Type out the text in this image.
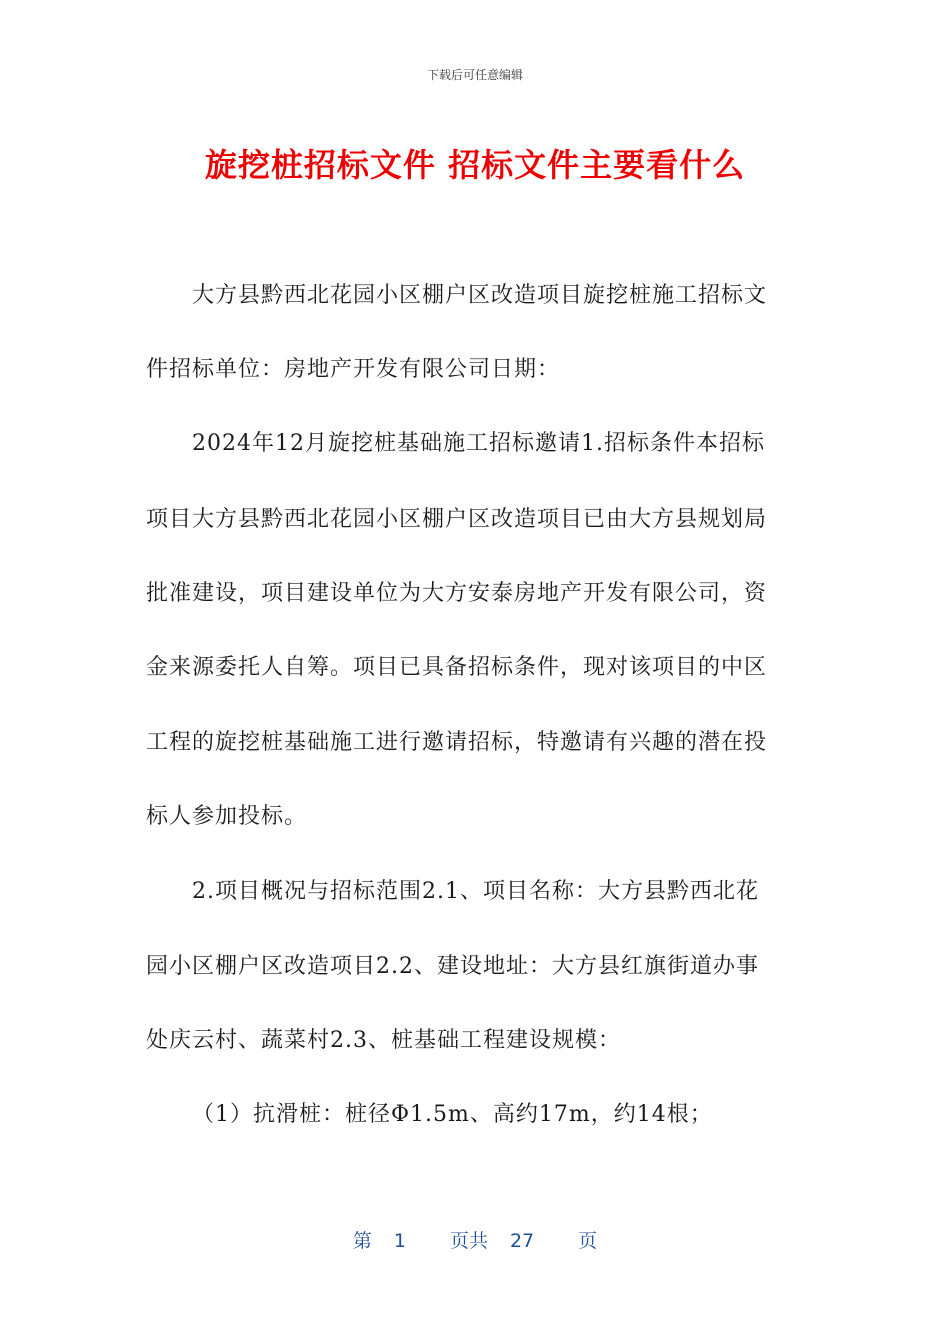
下载后可任意编辑
旋挖桩招标文件 招标文件主要看什么
大方县黔西北花园小区棚户区改造项目旋挖桩施工招标文
件招标单位：房地产开发有限公司日期：
2024年12月旋挖桩基础施工招标邀请1.招标条件本招标
项目大方县黔西北花园小区棚户区改造项目已由大方县规划局
批准建设，项目建设单位为大方安泰房地产开发有限公司，资
金来源委托人自筹。项目已具备招标条件，现对该项目的中区
工程的旋挖桩基础施工进行邀请招标，特邀请有兴趣的潜在投
标人参加投标。
2.项目概况与招标范围2.1、项目名称：大方县黔西北花
园小区棚户区改造项目2.2、建设地址：大方县红旗街道办事
处庆云村、蔬菜村2.3、桩基础工程建设规模：
（1）抗滑桩：桩径Φ1.5m、高约17m，约14根；
第 1 页共 27 页
